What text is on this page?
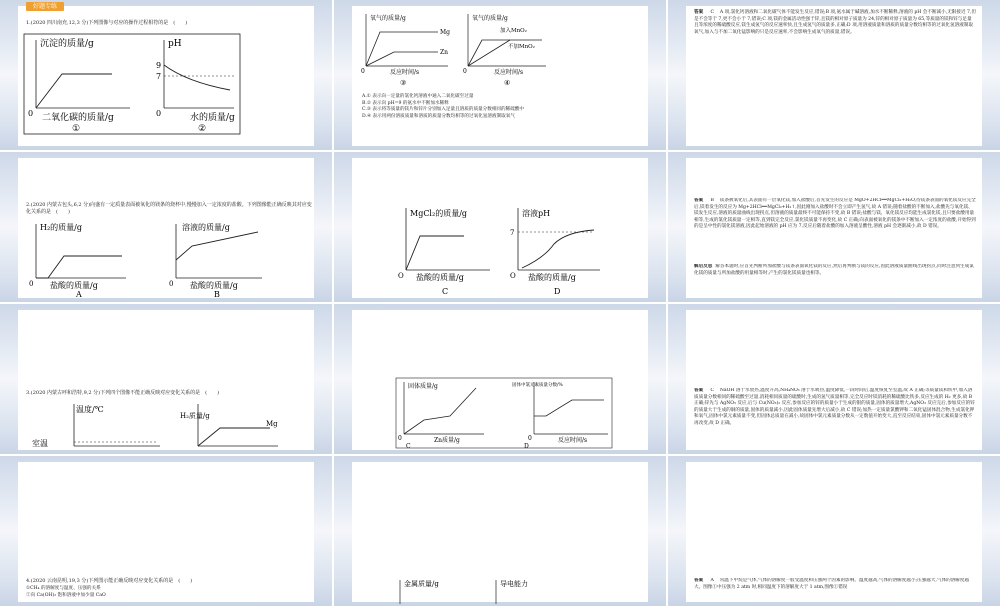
好题专练
1.(2020 四川南充,12,3 分)下列图像与对应的操作过程相符的是　(　　)
沉淀的质量/g
0 二氧化碳的质量/g
①
pH
9
7
0	水的质量/g
②
氧气的质量/g
Mg
Zn
0	反应时间/s
③
氧气的质量/g
加入MnO₂
不加MnO₂
0	反应时间/s
④
A.① 表示向一定量的氯化钙溶液中通入二氧化碳至过量
B.② 表示向 pH=9 的氨水中不断加水稀释
C.③ 表示将等质量的镁片和锌片分别加入足量且溶质的质量分数相同的稀硫酸中
D.④ 表示用两份溶质质量和溶质的质量分数均相等的过氧化氢溶液制取氧气
答案 C A 项,氯化钙溶液和二氧化碳气体不能发生反应,错误;B 项,氨水属于碱溶液,加水不断稀释,溶液的 pH 会不断减小,无限接近 7,但是不会等于 7,更不会小于 7,错误;C 项,镁的金属活动性强于锌,且镁的相对原子质量为 24,锌的相对原子质量为 65,等质量的镁和锌与足量且等浓度的稀硫酸反应,镁生成氢气的反应速率快,且生成氢气的质量多,正确;D 项,用溶液质量和溶质的质量分数均相等的过氧化氢溶液制取氧气,加入与不加二氧化锰影响的只是反应速率,不会影响生成氧气的质量,错误。
2.(2020 内蒙古包头,6,2 分)向盛有一定质量表面被氧化的镁条的烧杯中,慢慢加入一定浓度的盐酸。下列图像能正确反映其对应变化关系的是　(　　)
H₂的质量/g
0 盐酸的质量/g
A
溶液的质量/g
0 盐酸的质量/g
B
MgCl₂的质量/g
O 盐酸的质量/g
C
溶液pH
7
O 盐酸的质量/g
D
答案 B 镁条被氧化后,其表面有一层氧化镁,加入盐酸后,首先发生的反应是 MgO+2HCl══MgCl₂+H₂O,待镁条表面的氧化镁反应完全后,镁着发生的反应为 Mg+2HCl══MgCl₂+H₂↑,因此刚加入盐酸时不会立即产生氢气,故 A 错误;随着盐酸的不断加入,盐酸先与氧化镁、镁发生反应,溶液的质量曲线出现拐点,但溶液的质量最终不可能保持不变,故 B 错误;盐酸与镁、氧化镁反应均能生成氯化镁,且只要盐酸用量相等,生成的氯化镁质量一定相等,直到镁完全反应,氯化镁质量不再变化,故 C 正确;向表面被氧化的镁条中不断加入一定浓度的盐酸,开始得到的是呈中性的氯化镁溶液,因此起始溶液的 pH 应为 7,反应后随着盐酸的加入溶液呈酸性,溶液 pH 会逐渐减小,故 D 错误。
解后反思 解答本题时,应首先判断所加盐酸与镁条表面氧化镁的反应,然后再判断与镁的反应,因此溶液质量曲线出现拐点,同时注意到生成氯化镁的质量与所加盐酸的用量相等时,产生的氯化镁质量也相等。
3.(2020 内蒙古呼和浩特,9,2 分)下列四个图像不能正确反映对应变化关系的是　(　　)
温度/℃
室温
H₂质量/g
Mg
固体质量/g
0	Zn质量/g
C
固体中氯元素质量分数/%
0	反应时间/s
D
答案 C NaOH 溶于水放热,温度升高,NH₄NO₃ 溶于水吸热,温度降低,一段时间后,温度恢复至室温,故 A 正确;等质量镁和铁中,加入溶质质量分数相同的稀硫酸至过量,消耗相同质量的硫酸时,生成的氢气质量相等,完全反应时镁消耗的稀硫酸比铁多,反应生成的 H₂ 更多,故 B 正确;锌先与 AgNO₃ 反应,后与 Cu(NO₃)₂ 反应,参加反应的锌的质量小于生成的银的质量,固体的质量增大,AgNO₃ 反应完后,参加反应的锌的质量大于生成的铜的质量,固体的质量减小,因此固体质量先增大后减小,故 C 错误;加热一定质量氯酸钾和二氧化锰固体混合物,生成氯化钾和氧气,固体中氯元素质量不变,但固体总质量在减小,故固体中氯元素质量分数从一定数值开始变大,直至反应结束,固体中氯元素质量分数不再改变,故 D 正确。
4.(2020 云南昆明,19,3 分)下列图示能正确反映对应变化关系的是　(　　)
①CH₄ 的溶解度与温度、压强的关系
②向 Ca(OH)₂ 饱和溶液中加少量 CaO
金属质量/g	导电能力	答案 A 常温下甲烷是气体,气体的溶解度一般受温度和压强两个因素的影响。温度越高,气体的溶解度越小;压强越大,气体的溶解度越大。图像①中压强为 2 atm 时,相同温度下的溶解度大于 1 atm,图像①错误
